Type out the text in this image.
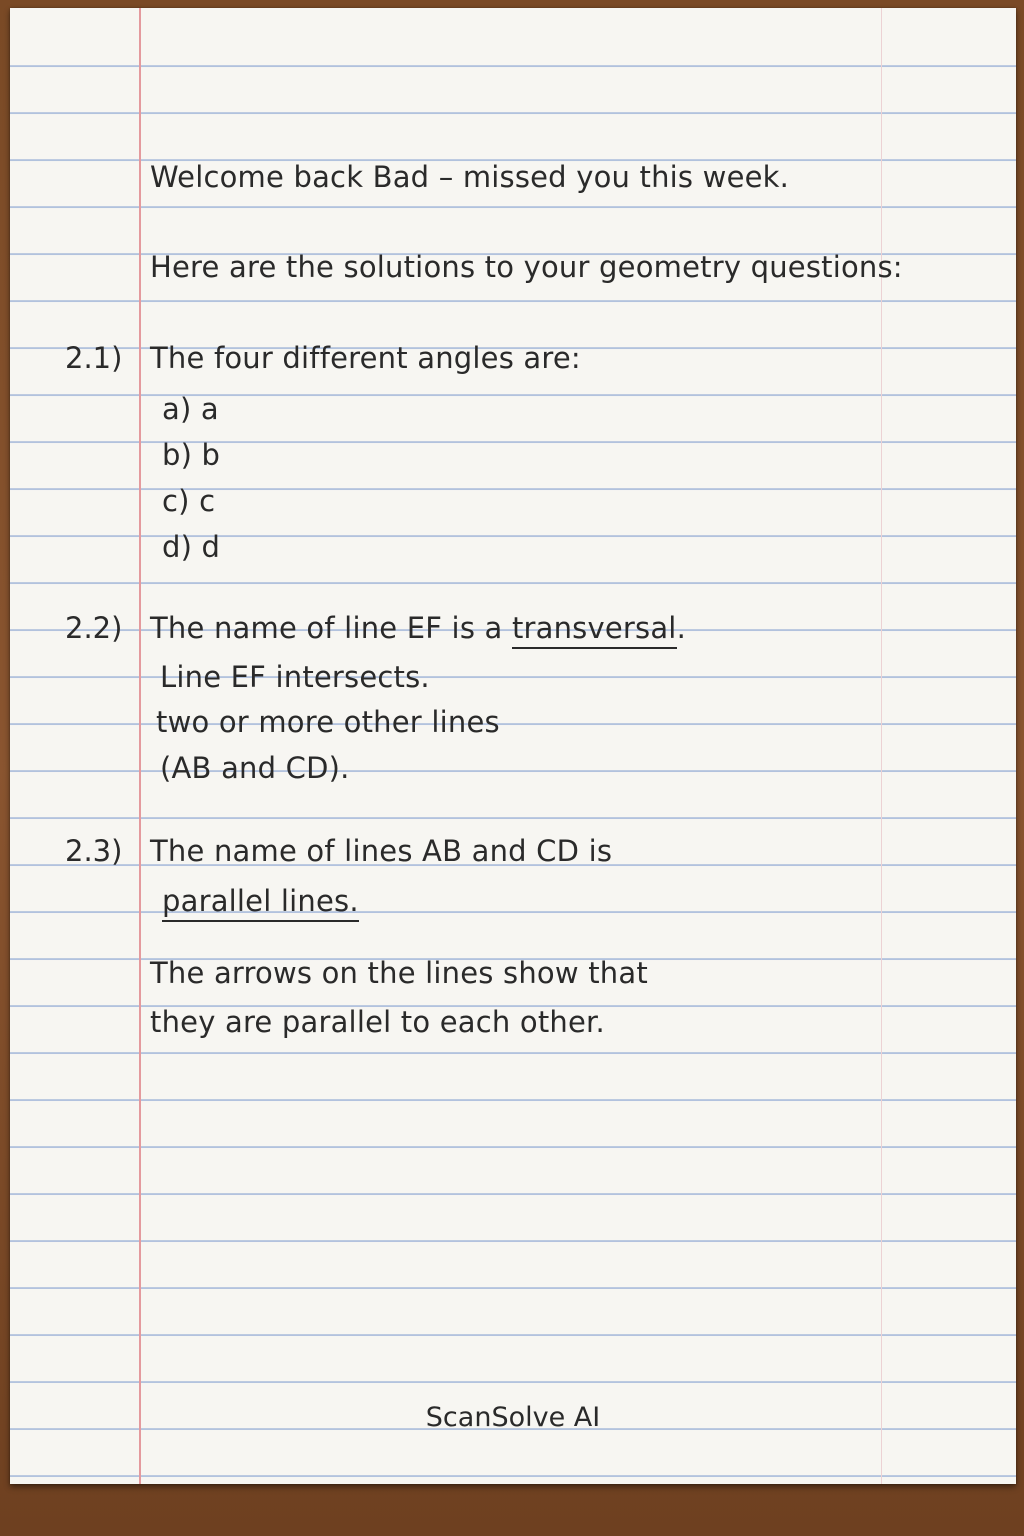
Welcome back Bad – missed you this week.

Here are the solutions to your geometry questions:

2.1) The four different angles are:

a) a

b) b

c) c

d) d

2.2) The name of line EF is a transversal.

Line EF intersects.

two or more other lines

(AB and CD).

2.3) The name of lines AB and CD is

parallel lines.

The arrows on the lines show that

they are parallel to each other.

ScanSolve AI
